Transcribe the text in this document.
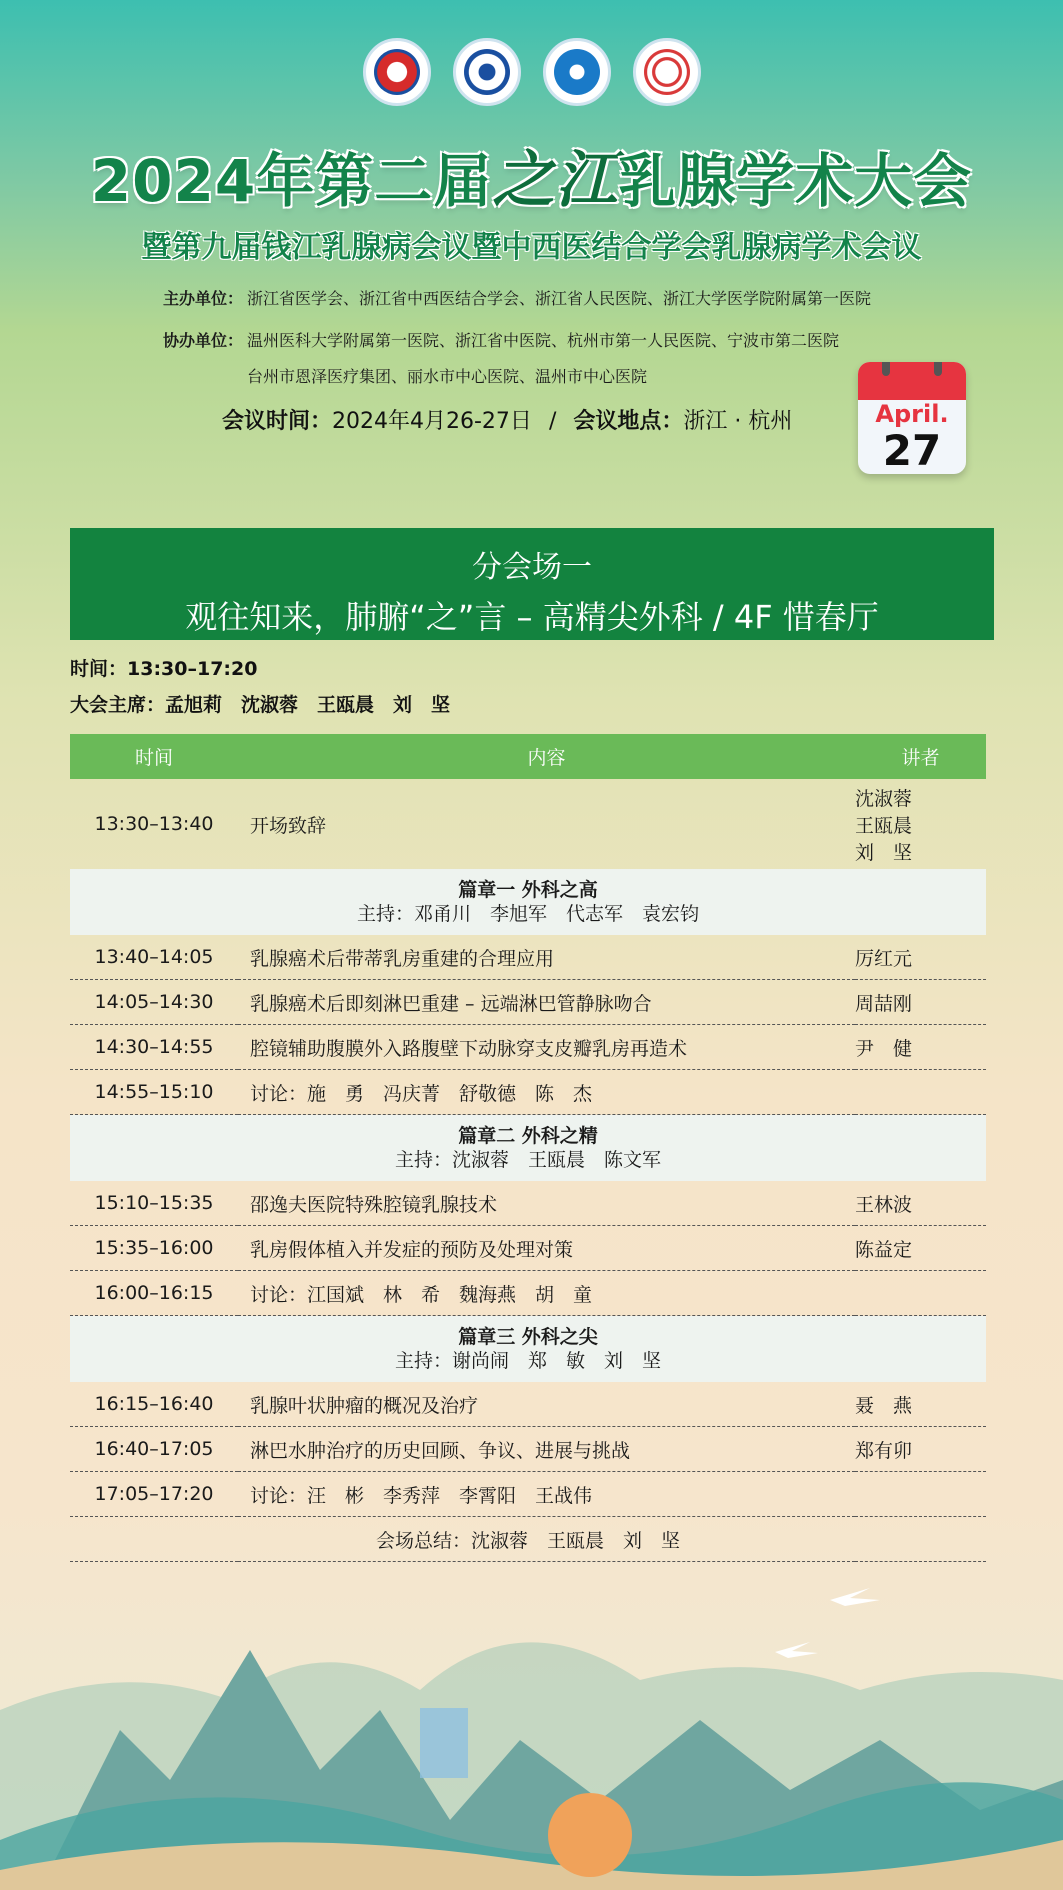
2024年第二届之江乳腺学术大会
暨第九届钱江乳腺病会议暨中西医结合学会乳腺病学术会议
主办单位： 浙江省医学会、浙江省中西医结合学会、浙江省人民医院、浙江大学医学院附属第一医院
协办单位： 温州医科大学附属第一医院、浙江省中医院、杭州市第一人民医院、宁波市第二医院
台州市恩泽医疗集团、丽水市中心医院、温州市中心医院
会议时间：2024年4月26-27日 / 会议地点：浙江 · 杭州	April.
27
分会场一
观往知来，肺腑“之”言 – 高精尖外科 / 4F 惜春厅
时间：13:30–17:20
大会主席：孟旭莉　沈淑蓉　王瓯晨　刘　坚
时间	内容	讲者
13:30–13:40	开场致辞	沈淑蓉
王瓯晨
刘　坚

篇章一 外科之高
主持：邓甬川　李旭军　代志军　袁宏钧		

13:40–14:05	乳腺癌术后带蒂乳房重建的合理应用	厉红元
14:05–14:30	乳腺癌术后即刻淋巴重建 – 远端淋巴管静脉吻合	周喆刚
14:30–14:55	腔镜辅助腹膜外入路腹壁下动脉穿支皮瓣乳房再造术	尹　健
14:55–15:10	讨论：施　勇　冯庆菁　舒敬德　陈　杰	

篇章二 外科之精
主持：沈淑蓉　王瓯晨　陈文军		

15:10–15:35	邵逸夫医院特殊腔镜乳腺技术	王林波
15:35–16:00	乳房假体植入并发症的预防及处理对策	陈益定
16:00–16:15	讨论：江国斌　林　希　魏海燕　胡　童	

篇章三 外科之尖
主持：谢尚闹　郑　敏　刘　坚		

16:15–16:40	乳腺叶状肿瘤的概况及治疗	聂　燕
16:40–17:05	淋巴水肿治疗的历史回顾、争议、进展与挑战	郑有卯
17:05–17:20	讨论：汪　彬　李秀萍　李霄阳　王战伟	
会场总结：沈淑蓉　王瓯晨　刘　坚		
